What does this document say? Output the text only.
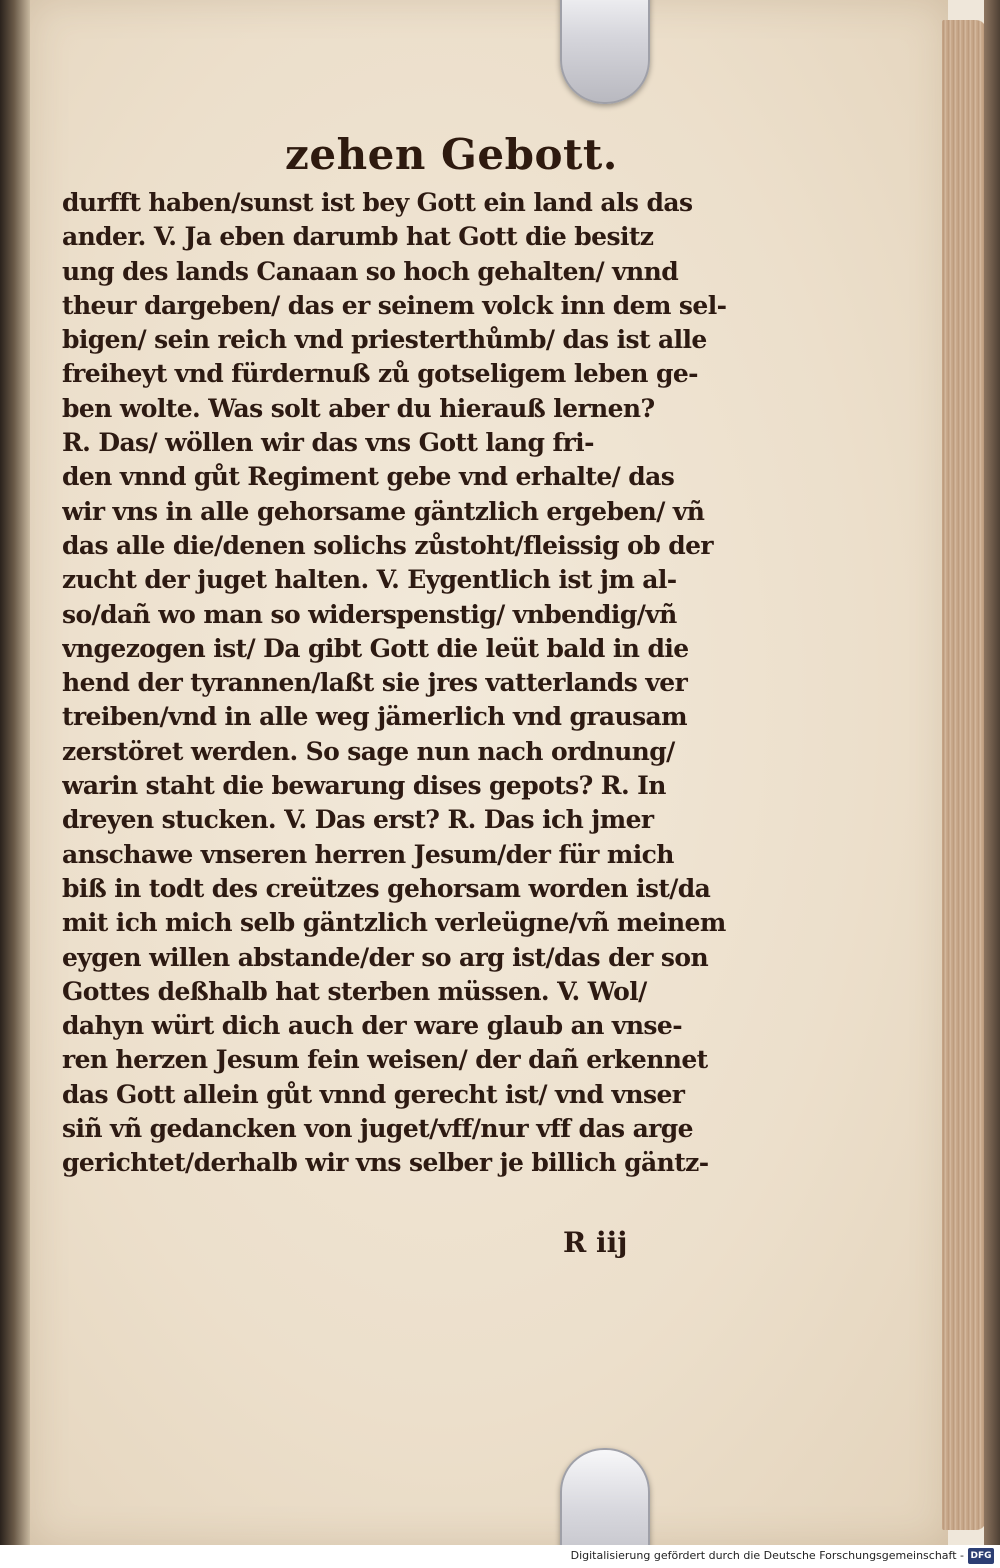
zehen Gebott.
durfft haben/sunst ist bey Gott ein land als das
ander. V. Ja eben darumb hat Gott die besitz
ung des lands Canaan so hoch gehalten/ vnnd
theur dargeben/ das er seinem volck inn dem sel-
bigen/ sein reich vnd priesterthůmb/ das ist alle
freiheyt vnd fürdernuß zů gotseligem leben ge-
ben wolte. Was solt aber du hierauß lernen?
R. Das/ wöllen wir das vns Gott lang fri-
den vnnd gůt Regiment gebe vnd erhalte/ das
wir vns in alle gehorsame gäntzlich ergeben/ vñ
das alle die/denen solichs zůstoht/fleissig ob der
zucht der juget halten. V. Eygentlich ist jm al-
so/dañ wo man so widerspenstig/ vnbendig/vñ
vngezogen ist/ Da gibt Gott die leüt bald in die
hend der tyrannen/laßt sie jres vatterlands ver
treiben/vnd in alle weg jämerlich vnd grausam
zerstöret werden. So sage nun nach ordnung/
warin staht die bewarung dises gepots? R. In
dreyen stucken. V. Das erst? R. Das ich jmer
anschawe vnseren herren Jesum/der für mich
biß in todt des creützes gehorsam worden ist/da
mit ich mich selb gäntzlich verleügne/vñ meinem
eygen willen abstande/der so arg ist/das der son
Gottes deßhalb hat sterben müssen. V. Wol/
dahyn würt dich auch der ware glaub an vnse-
ren herzen Jesum fein weisen/ der dañ erkennet
das Gott allein gůt vnnd gerecht ist/ vnd vnser
siñ vñ gedancken von juget/vff/nur vff das arge
gerichtet/derhalb wir vns selber je billich gäntz-
R iij
Digitalisierung gefördert durch die Deutsche Forschungsgemeinschaft - DFG
